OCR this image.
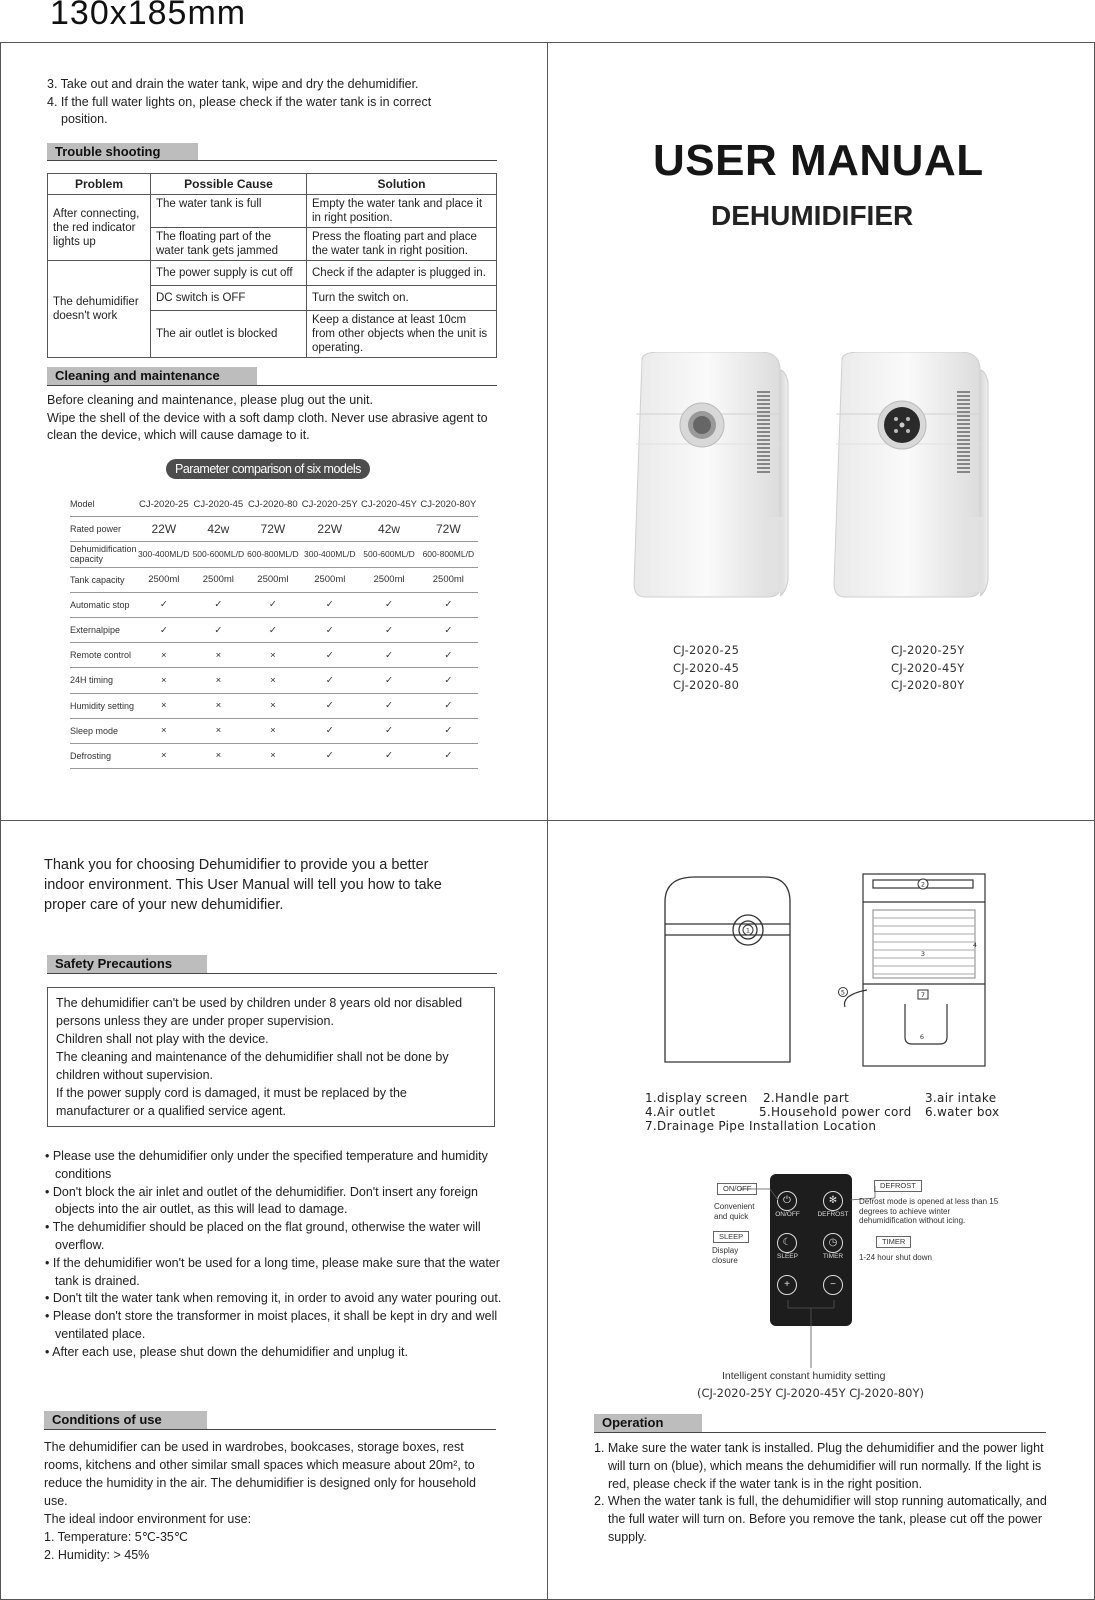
130x185mm
3. Take out and drain the water tank, wipe and dry the dehumidifier.
4. If the full water lights on, please check if the water tank is in correct
position.
Trouble shooting
Problem	Possible Cause	Solution
After connecting, the red indicator lights up	The water tank is full	Empty the water tank and place it in right position.
	The floating part of the water tank gets jammed	Press the floating part and place the water tank in right position.
The dehumidifier doesn't work	The power supply is cut off	Check if the adapter is plugged in.
	DC switch is OFF	Turn the switch on.
	The air outlet is blocked	Keep a distance at least 10cm from other objects when the unit is operating.
Cleaning and maintenance
Before cleaning and maintenance, please plug out the unit.
Wipe the shell of the device with a soft damp cloth. Never use abrasive agent to
clean the device, which will cause damage to it.
Parameter comparison of six models
Model	CJ-2020-25	CJ-2020-45	CJ-2020-80	CJ-2020-25Y	CJ-2020-45Y	CJ-2020-80Y
Rated power	22W	42w	72W	22W	42w	72W
Dehumidification capacity	300-400ML/D	500-600ML/D	600-800ML/D	300-400ML/D	500-600ML/D	600-800ML/D
Tank capacity	2500ml	2500ml	2500ml	2500ml	2500ml	2500ml
Automatic stop	✓	✓	✓	✓	✓	✓
Externalpipe	✓	✓	✓	✓	✓	✓
Remote control	×	×	×	✓	✓	✓
24H timing	×	×	×	✓	✓	✓
Humidity setting	×	×	×	✓	✓	✓
Sleep mode	×	×	×	✓	✓	✓
Defrosting	×	×	×	✓	✓	✓
USER MANUAL
DEHUMIDIFIER
CJ-2020-25
CJ-2020-45
CJ-2020-80
CJ-2020-25Y
CJ-2020-45Y
CJ-2020-80Y
Thank you for choosing Dehumidifier to provide you a better
indoor environment. This User Manual will tell you how to take
proper care of your new dehumidifier.
Safety Precautions
The dehumidifier can't be used by children under 8 years old nor disabled
persons unless they are under proper supervision.
Children shall not play with the device.
The cleaning and maintenance of the dehumidifier shall not be done by
children without supervision.
If the power supply cord is damaged, it must be replaced by the
manufacturer or a qualified service agent.
• Please use the dehumidifier only under the specified temperature and humidity conditions
• Don't block the air inlet and outlet of the dehumidifier. Don't insert any foreign objects into the air outlet, as this will lead to damage.
• The dehumidifier should be placed on the flat ground, otherwise the water will overflow.
• If the dehumidifier won't be used for a long time, please make sure that the water tank is drained.
• Don't tilt the water tank when removing it, in order to avoid any water pouring out.
• Please don't store the transformer in moist places, it shall be kept in dry and well ventilated place.
• After each use, please shut down the dehumidifier and unplug it.
Conditions of use
The dehumidifier can be used in wardrobes, bookcases, storage boxes, rest
rooms, kitchens and other similar small spaces which measure about 20m², to
reduce the humidity in the air. The dehumidifier is designed only for household
use.
The ideal indoor environment for use:
1. Temperature: 5℃-35℃
2. Humidity: > 45%
1
2
3
4
5
6
7
1.display screen 2.Handle part	3.air intake
4.Air outlet	5.Household power cord 6.water box
7.Drainage Pipe Installation Location
⏻
ON/OFF
✻
DEFROST
☾
SLEEP
◷
TIMER
+	−
ON/OFF
Convenient and quick
SLEEP
Display closure
DEFROST
Defrost mode is opened at less than 15 degrees to achieve winter dehumidification without icing.
TIMER
1-24 hour shut down
Intelligent constant humidity setting
(CJ-2020-25Y CJ-2020-45Y CJ-2020-80Y)
Operation
1. Make sure the water tank is installed. Plug the dehumidifier and the power light will turn on (blue), which means the dehumidifier will run normally. If the light is red, please check if the water tank is in the right position.
2. When the water tank is full, the dehumidifier will stop running automatically, and the full water will turn on. Before you remove the tank, please cut off the power supply.
